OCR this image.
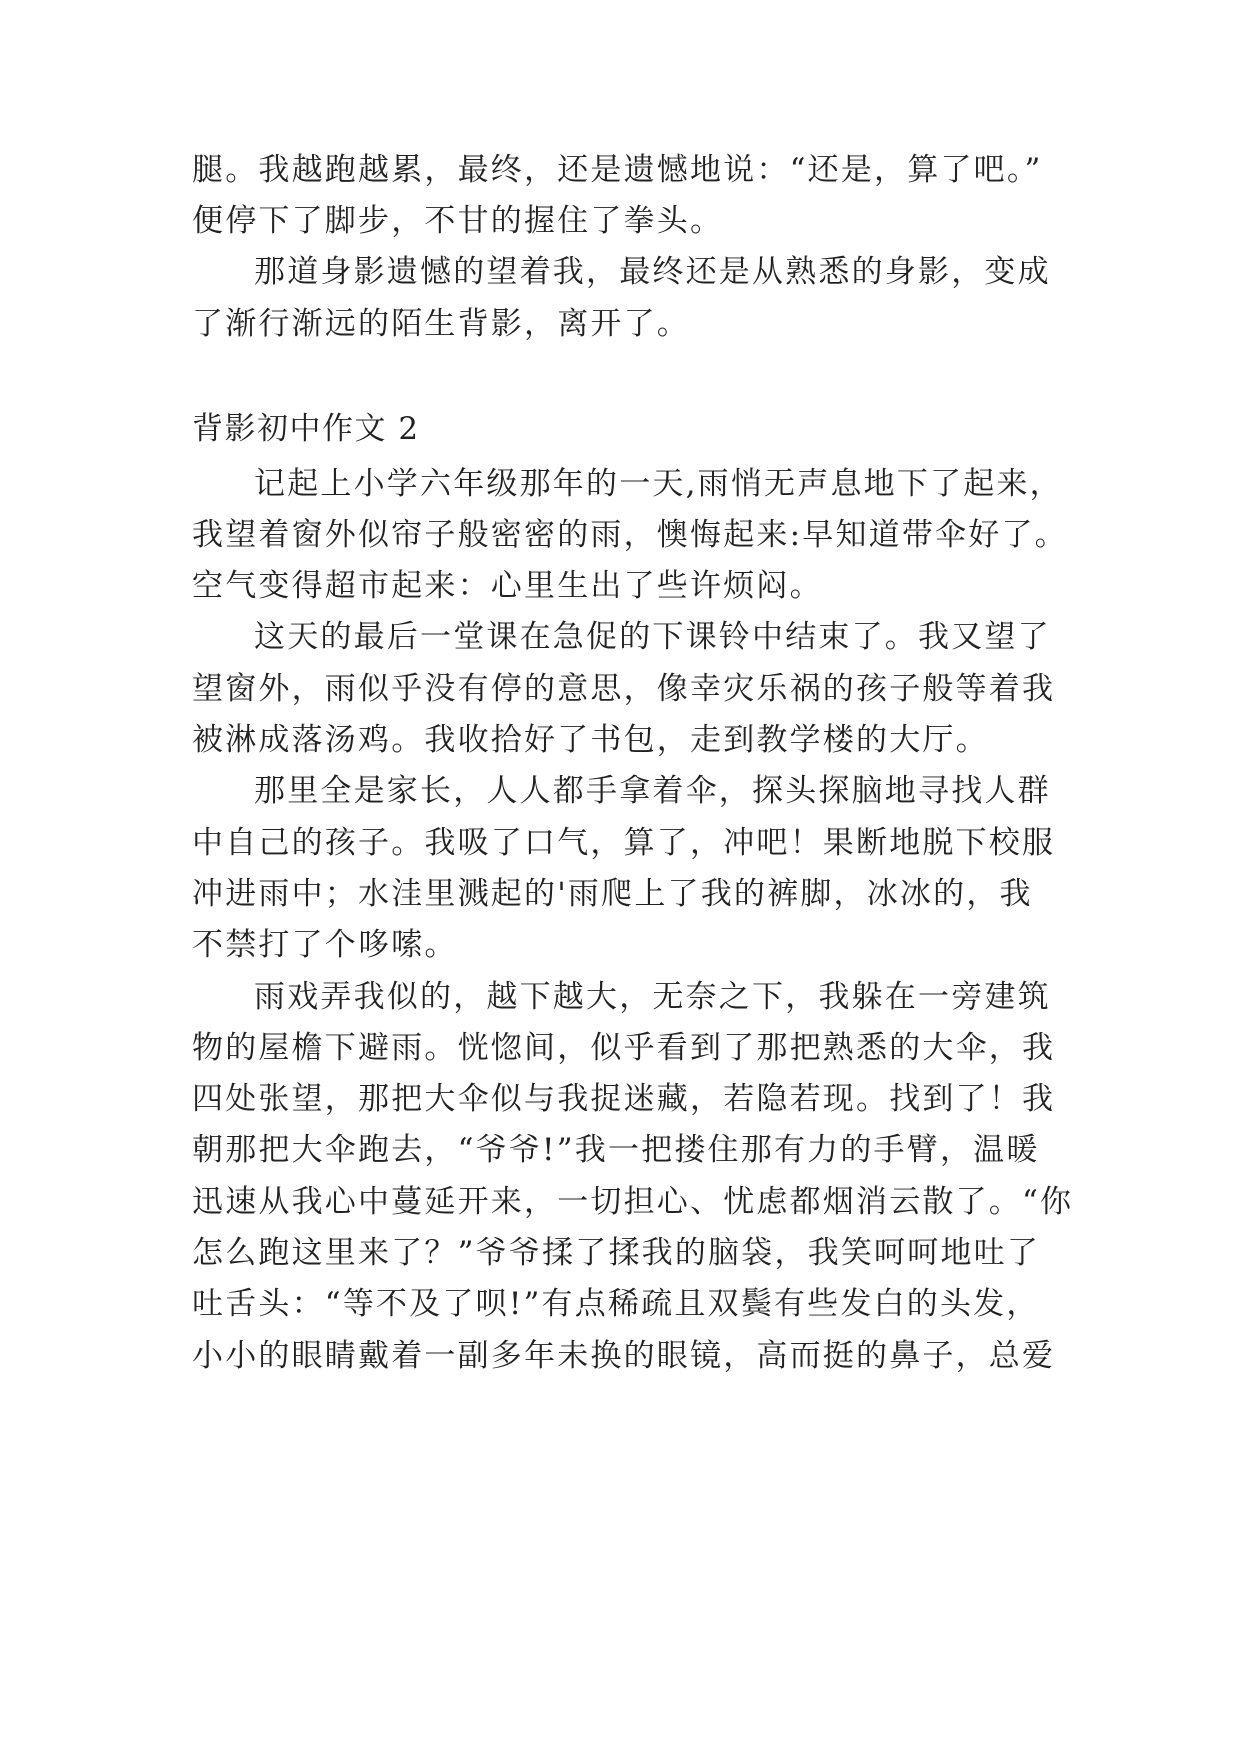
腿。我越跑越累，最终，还是遗憾地说：“还是，算了吧。”
便停下了脚步，不甘的握住了拳头。
那道身影遗憾的望着我，最终还是从熟悉的身影，变成
了渐行渐远的陌生背影，离开了。
背影初中作文 2
记起上小学六年级那年的一天,雨悄无声息地下了起来，
我望着窗外似帘子般密密的雨，懊悔起来:早知道带伞好了。
空气变得超市起来：心里生出了些许烦闷。
这天的最后一堂课在急促的下课铃中结束了。我又望了
望窗外，雨似乎没有停的意思，像幸灾乐祸的孩子般等着我
被淋成落汤鸡。我收拾好了书包，走到教学楼的大厅。
那里全是家长，人人都手拿着伞，探头探脑地寻找人群
中自己的孩子。我吸了口气，算了，冲吧！果断地脱下校服
冲进雨中；水洼里溅起的'雨爬上了我的裤脚，冰冰的，我
不禁打了个哆嗦。
雨戏弄我似的，越下越大，无奈之下，我躲在一旁建筑
物的屋檐下避雨。恍惚间，似乎看到了那把熟悉的大伞，我
四处张望，那把大伞似与我捉迷藏，若隐若现。找到了！我
朝那把大伞跑去，“爷爷!”我一把搂住那有力的手臂，温暖
迅速从我心中蔓延开来，一切担心、忧虑都烟消云散了。“你
怎么跑这里来了？”爷爷揉了揉我的脑袋，我笑呵呵地吐了
吐舌头：“等不及了呗!”有点稀疏且双鬓有些发白的头发，
小小的眼睛戴着一副多年未换的眼镜，高而挺的鼻子，总爱
